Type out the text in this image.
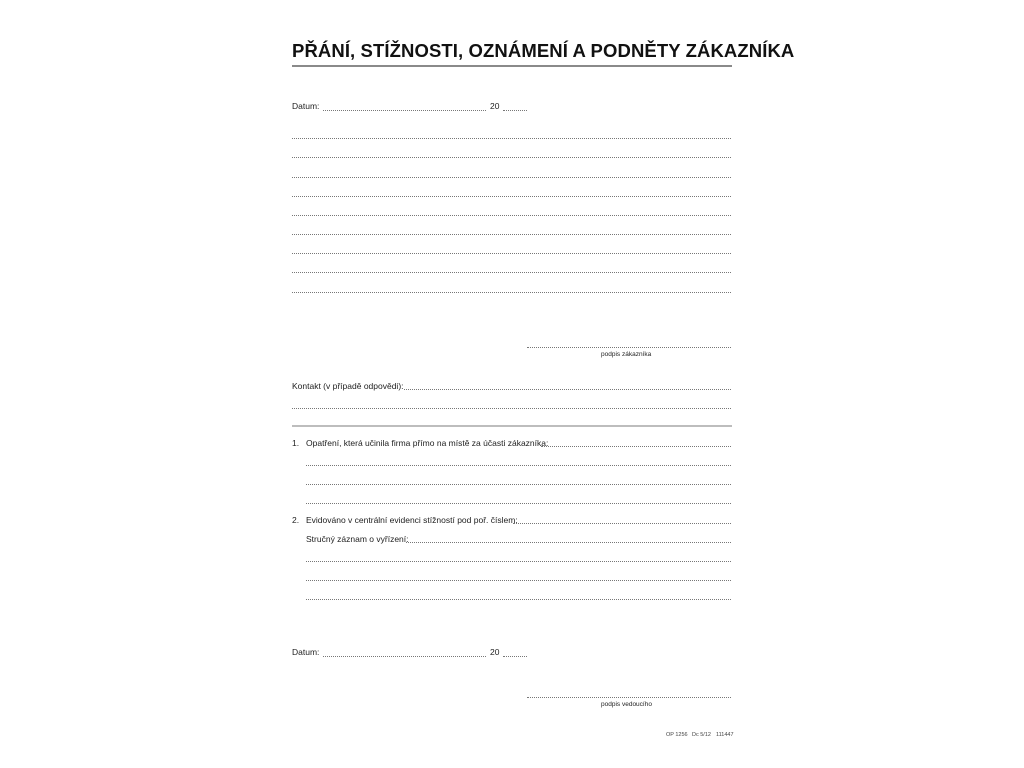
PŘÁNÍ, STÍŽNOSTI, OZNÁMENÍ A PODNĚTY ZÁKAZNÍKA
Datum:	20
podpis zákazníka
Kontakt (v případě odpovědi):
1. Opatření, která učinila firma přímo na místě za účasti zákazníka:
2. Evidováno v centrální evidenci stížností pod poř. číslem:
Stručný záznam o vyřízení:
Datum:	20
podpis vedoucího
OP 1256 Dc 5/12 111447
